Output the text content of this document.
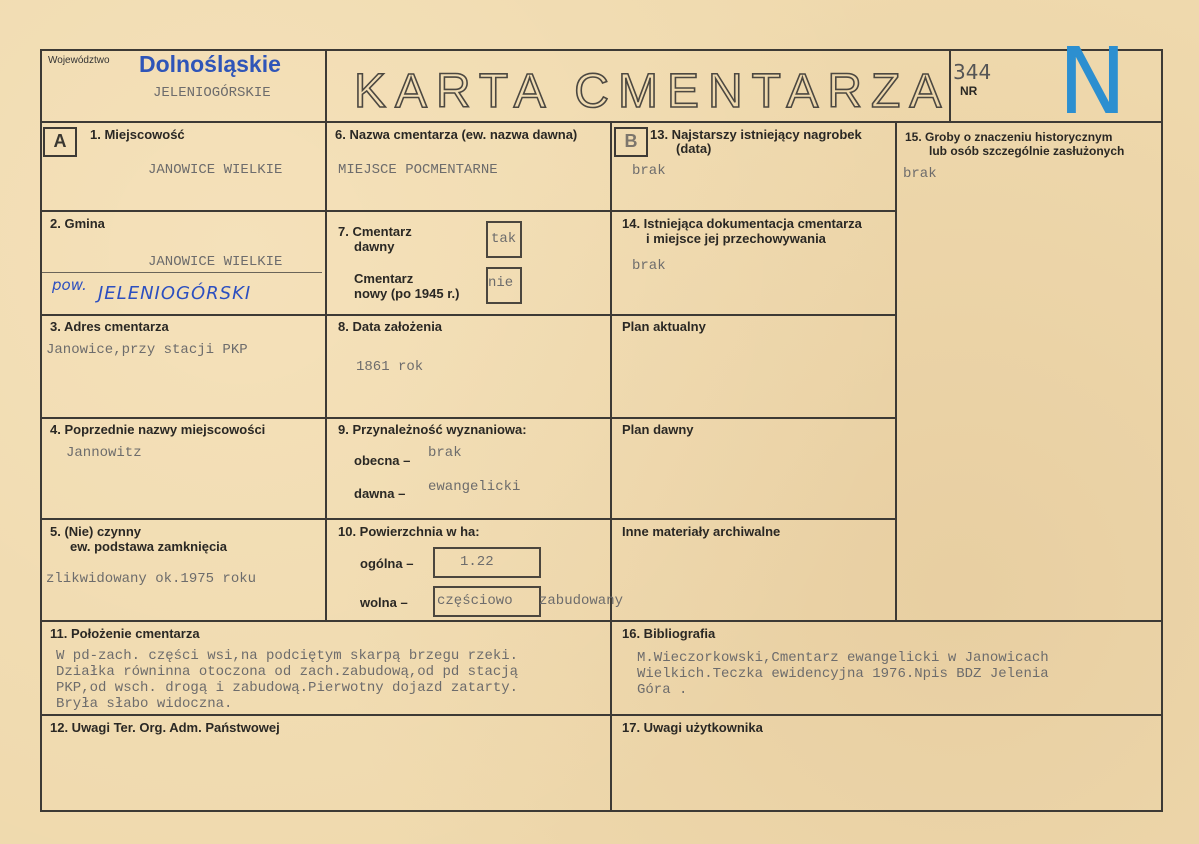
Województwo Dolnośląskie
JELENIOGÓRSKIE KARTA CMENTARZA 344
NR N
A	B
1. Miejscowość
JANOWICE WIELKIE
6. Nazwa cmentarza (ew. nazwa dawna)
MIEJSCE POCMENTARNE
13. Najstarszy istniejący nagrobek
(data)
brak
15. Groby o znaczeniu historycznym
lub osób szczególnie zasłużonych
brak
2. Gmina
JANOWICE WIELKIE
pow. JELENIOGÓRSKI
7. Cmentarz
dawny	tak
Cmentarz
nowy (po 1945 r.)
nie
14. Istniejąca dokumentacja cmentarza
i miejsce jej przechowywania
brak
3. Adres cmentarza
Janowice,przy stacji PKP
8. Data założenia
1861 rok
Plan aktualny
4. Poprzednie nazwy miejscowości
Jannowitz
9. Przynależność wyznaniowa:
obecna – brak
dawna – ewangelicki
Plan dawny
5. (Nie) czynny
ew. podstawa zamknięcia
zlikwidowany ok.1975 roku
10. Powierzchnia w ha:
ogólna –	1.22
wolna – częściowo zabudowany
Inne materiały archiwalne
11. Położenie cmentarza
W pd-zach. części wsi,na podciętym skarpą brzegu rzeki.
Działka równinna otoczona od zach.zabudową,od pd stacją
PKP,od wsch. drogą i zabudową.Pierwotny dojazd zatarty.
Bryła słabo widoczna.
16. Bibliografia
M.Wieczorkowski,Cmentarz ewangelicki w Janowicach
Wielkich.Teczka ewidencyjna 1976.Npis BDZ Jelenia
Góra .
12. Uwagi Ter. Org. Adm. Państwowej	17. Uwagi użytkownika
